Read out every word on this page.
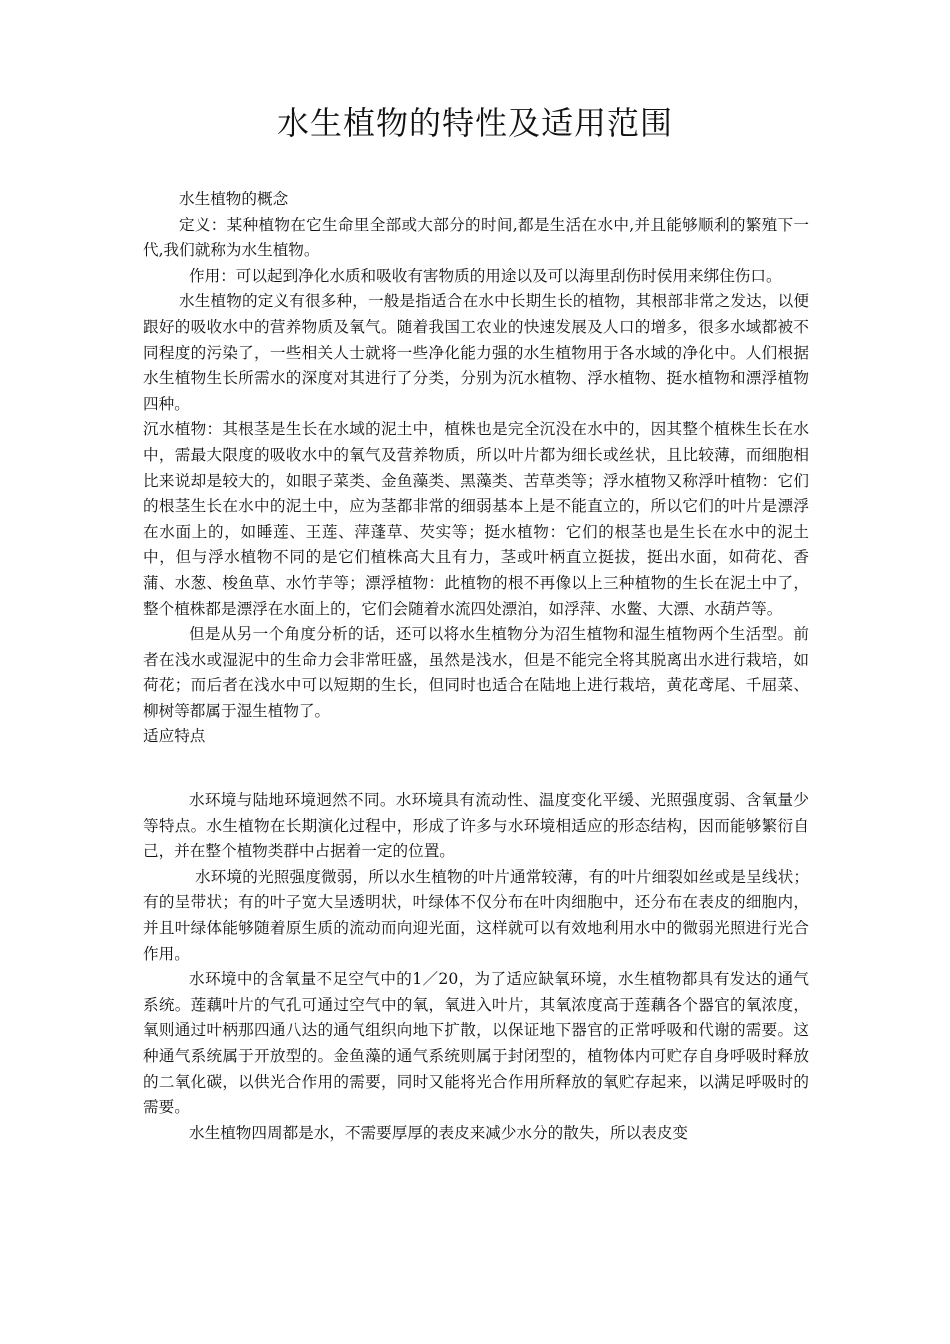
水生植物的特性及适用范围

水生植物的概念

定义：某种植物在它生命里全部或大部分的时间,都是生活在水中,并且能够顺利的繁殖下一代,我们就称为水生植物。

作用：可以起到净化水质和吸收有害物质的用途以及可以海里刮伤时侯用来绑住伤口。

水生植物的定义有很多种，一般是指适合在水中长期生长的植物，其根部非常之发达，以便跟好的吸收水中的营养物质及氧气。随着我国工农业的快速发展及人口的增多，很多水域都被不同程度的污染了，一些相关人士就将一些净化能力强的水生植物用于各水域的净化中。人们根据水生植物生长所需水的深度对其进行了分类，分别为沉水植物、浮水植物、挺水植物和漂浮植物四种。

沉水植物：其根茎是生长在水域的泥土中，植株也是完全沉没在水中的，因其整个植株生长在水中，需最大限度的吸收水中的氧气及营养物质，所以叶片都为细长或丝状，且比较薄，而细胞相比来说却是较大的，如眼子菜类、金鱼藻类、黑藻类、苦草类等；浮水植物又称浮叶植物：它们的根茎生长在水中的泥土中，应为茎都非常的细弱基本上是不能直立的，所以它们的叶片是漂浮在水面上的，如睡莲、王莲、萍蓬草、芡实等；挺水植物：它们的根茎也是生长在水中的泥土中，但与浮水植物不同的是它们植株高大且有力，茎或叶柄直立挺拔，挺出水面，如荷花、香蒲、水葱、梭鱼草、水竹芋等；漂浮植物：此植物的根不再像以上三种植物的生长在泥土中了，整个植株都是漂浮在水面上的，它们会随着水流四处漂泊，如浮萍、水鳖、大漂、水葫芦等。

但是从另一个角度分析的话，还可以将水生植物分为沼生植物和湿生植物两个生活型。前者在浅水或湿泥中的生命力会非常旺盛，虽然是浅水，但是不能完全将其脱离出水进行栽培，如荷花；而后者在浅水中可以短期的生长，但同时也适合在陆地上进行栽培，黄花鸢尾、千屈菜、柳树等都属于湿生植物了。

适应特点

水环境与陆地环境迥然不同。水环境具有流动性、温度变化平缓、光照强度弱、含氧量少等特点。水生植物在长期演化过程中，形成了许多与水环境相适应的形态结构，因而能够繁衍自己，并在整个植物类群中占据着一定的位置。

水环境的光照强度微弱，所以水生植物的叶片通常较薄，有的叶片细裂如丝或是呈线状；有的呈带状；有的叶子宽大呈透明状，叶绿体不仅分布在叶肉细胞中，还分布在表皮的细胞内，并且叶绿体能够随着原生质的流动而向迎光面，这样就可以有效地利用水中的微弱光照进行光合作用。

水环境中的含氧量不足空气中的1／20，为了适应缺氧环境，水生植物都具有发达的通气系统。莲藕叶片的气孔可通过空气中的氧，氧进入叶片，其氧浓度高于莲藕各个器官的氧浓度，氧则通过叶柄那四通八达的通气组织向地下扩散，以保证地下器官的正常呼吸和代谢的需要。这种通气系统属于开放型的。金鱼藻的通气系统则属于封闭型的，植物体内可贮存自身呼吸时释放的二氧化碳，以供光合作用的需要，同时又能将光合作用所释放的氧贮存起来，以满足呼吸时的需要。

水生植物四周都是水，不需要厚厚的表皮来减少水分的散失，所以表皮变
